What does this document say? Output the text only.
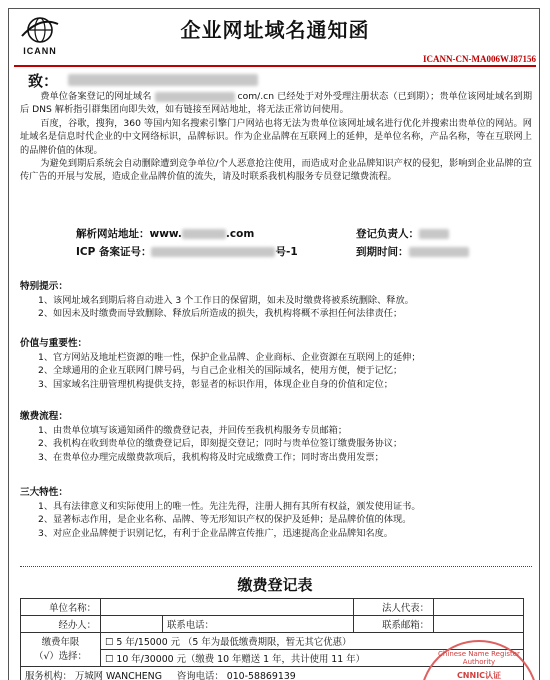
ICANN
企业网址域名通知函
ICANN-CN-MA006WJ87156
致：

费单位备案登记的网址域名	com/.cn 已经处于对外受理注册状态（已到期）；贵单位该网址域名到期后 DNS 解析指引群集团向即失效，如有链接至网站地址，将无法正常访问使用。

百度，谷歌，搜狗，360 等国内知名搜索引擎门户网站也将无法为贵单位该网址域名进行优化并搜索出贵单位的网站。网址域名是信息时代企业的中文网络标识，品牌标识。作为企业品牌在互联网上的延伸，是单位名称，产品名称，等在互联网上的品牌价值的体现。

为避免到期后系统会自动删除遭到竞争单位/个人恶意抢注使用，而造成对企业品牌知识产权的侵犯，影响到企业品牌的宣传广告的开展与发展，造成企业品牌价值的流失，请及时联系我机构服务专员登记缴费流程。

解析网站地址：www.	.com	登记负责人：
ICP 备案证号：	号-1	到期时间：
特别提示：
1、该网址域名到期后将自动进入 3 个工作日的保留期，如未及时缴费将被系统删除、释放。
2、如因未及时缴费而导致删除、释放后所造成的损失，我机构将概不承担任何法律责任；
价值与重要性：
1、官方网站及地址栏资源的唯一性，保护企业品牌、企业商标、企业资源在互联网上的延伸；
2、全球通用的企业互联网门牌号码，与自己企业相关的国际域名，使用方便，便于记忆；
3、国家域名注册管理机构提供支持，彰显者的标识作用，体现企业自身的价值和定位；
缴费流程：
1、由贵单位填写该通知函件的缴费登记表，并回传至我机构服务专员邮箱；
2、我机构在收到贵单位的缴费登记后，即刻提交登记；同时与贵单位签订缴费服务协议；
3、在贵单位办理完成缴费款项后，我机构将及时完成缴费工作；同时寄出费用发票；
三大特性：
1、具有法律意义和实际使用上的唯一性。先注先得，注册人拥有其所有权益，颁发使用证书。
2、显著标志作用，是企业名称、品牌、等无形知识产权的保护及延伸；是品牌价值的体现。
3、对应企业品牌便于识别记忆，有利于企业品牌宣传推广，迅速提高企业品牌知名度。
缴费登记表
单位名称：			法人代表：	
经办人：		联系电话：	联系邮箱：	

缴费年限
（√）选择：	☐ 5 年/15000 元 （5 年为最低缴费期限，暂无其它优惠）			
	☐ 10 年/30000 元（缴费 10 年赠送 1 年，共计使用 11 年）			
服务机构： 万城网 WANCHENG 咨询电话： 010-58869139				
Chinese Name Register Authority
CNNIC认证
